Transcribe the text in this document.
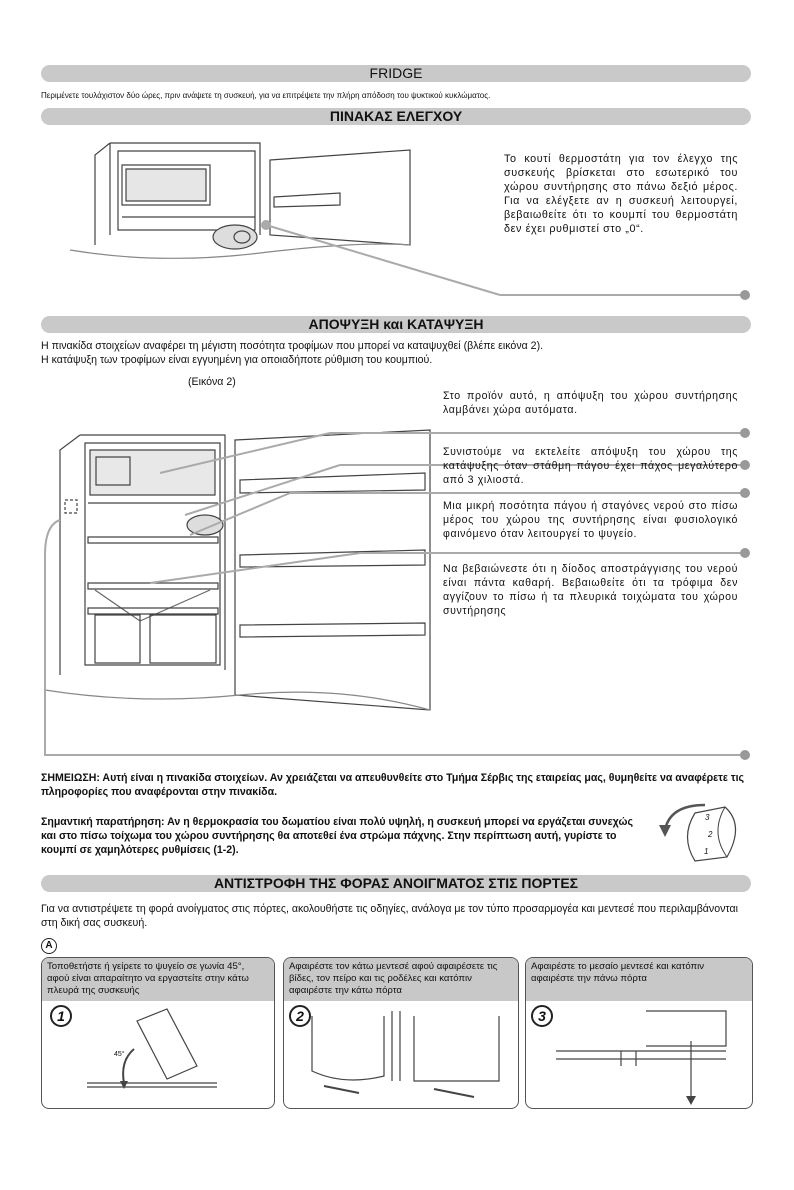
FRIDGE
Περιμένετε τουλάχιστον δύο ώρες, πριν ανάψετε τη συσκευή, για να επιτρέψετε την πλήρη απόδοση του ψυκτικού κυκλώματος.
ΠΙΝΑΚΑΣ ΕΛΕΓΧΟΥ
Το κουτί θερμοστάτη για τον έλεγχο της συσκευής βρίσκεται στο εσωτερικό του χώρου συντήρησης στο πάνω δεξιό μέρος. Για να ελέγξετε αν η συσκευή λειτουργεί, βεβαιωθείτε ότι το κουμπί του θερμοστάτη δεν έχει ρυθμιστεί στο „0“.
ΑΠΟΨΥΞΗ και ΚΑΤΑΨΥΞΗ
Η πινακίδα στοιχείων αναφέρει τη μέγιστη ποσότητα τροφίμων που μπορεί να καταψυχθεί (βλέπε εικόνα 2).
Η κατάψυξη των τροφίμων είναι εγγυημένη για οποιαδήποτε ρύθμιση του κουμπιού.
(Εικόνα 2)
Στο προϊόν αυτό, η απόψυξη του χώρου συντήρησης λαμβάνει χώρα αυτόματα.
Συνιστούμε να εκτελείτε απόψυξη του χώρου της κατάψυξης όταν στάθμη πάγου έχει πάχος μεγαλύτερο από 3 χιλιοστά.
Μια μικρή ποσότητα πάγου ή σταγόνες νερού στο πίσω μέρος του χώρου της συντήρησης είναι φυσιολογικό φαινόμενο όταν λειτουργεί το ψυγείο.
Να βεβαιώνεστε ότι η δίοδος αποστράγγισης του νερού είναι πάντα καθαρή. Βεβαιωθείτε ότι τα τρόφιμα δεν αγγίζουν το πίσω ή τα πλευρικά τοιχώματα του χώρου συντήρησης
ΣΗΜΕΙΩΣΗ: Αυτή είναι η πινακίδα στοιχείων. Αν χρειάζεται να απευθυνθείτε στο Τμήμα Σέρβις της εταιρείας μας, θυμηθείτε να αναφέρετε τις πληροφορίες που αναφέρονται στην πινακίδα.
Σημαντική παρατήρηση: Αν η θερμοκρασία του δωματίου είναι πολύ υψηλή, η συσκευή μπορεί να εργάζεται συνεχώς και στο πίσω τοίχωμα του χώρου συντήρησης θα αποτεθεί ένα στρώμα πάχνης. Στην περίπτωση αυτή, γυρίστε το κουμπί σε χαμηλότερες ρυθμίσεις (1-2).
3
2
1
ΑΝΤΙΣΤΡΟΦΗ ΤΗΣ ΦΟΡΑΣ ΑΝΟΙΓΜΑΤΟΣ ΣΤΙΣ ΠΟΡΤΕΣ
Για να αντιστρέψετε τη φορά ανοίγματος στις πόρτες, ακολουθήστε τις οδηγίες, ανάλογα με τον τύπο προσαρμογέα και μεντεσέ που περιλαμβάνονται στη δική σας συσκευή.
A
Τοποθετήστε ή γείρετε το ψυγείο σε γωνία 45°, αφού είναι απαραίτητο να εργαστείτε στην κάτω πλευρά της συσκευής
1
45°
Αφαιρέστε τον κάτω μεντεσέ αφού αφαιρέσετε τις βίδες, τον πείρο και τις ροδέλες και κατόπιν αφαιρέστε την κάτω πόρτα
2
Αφαιρέστε το μεσαίο μεντεσέ και κατόπιν αφαιρέστε την πάνω πόρτα
3
